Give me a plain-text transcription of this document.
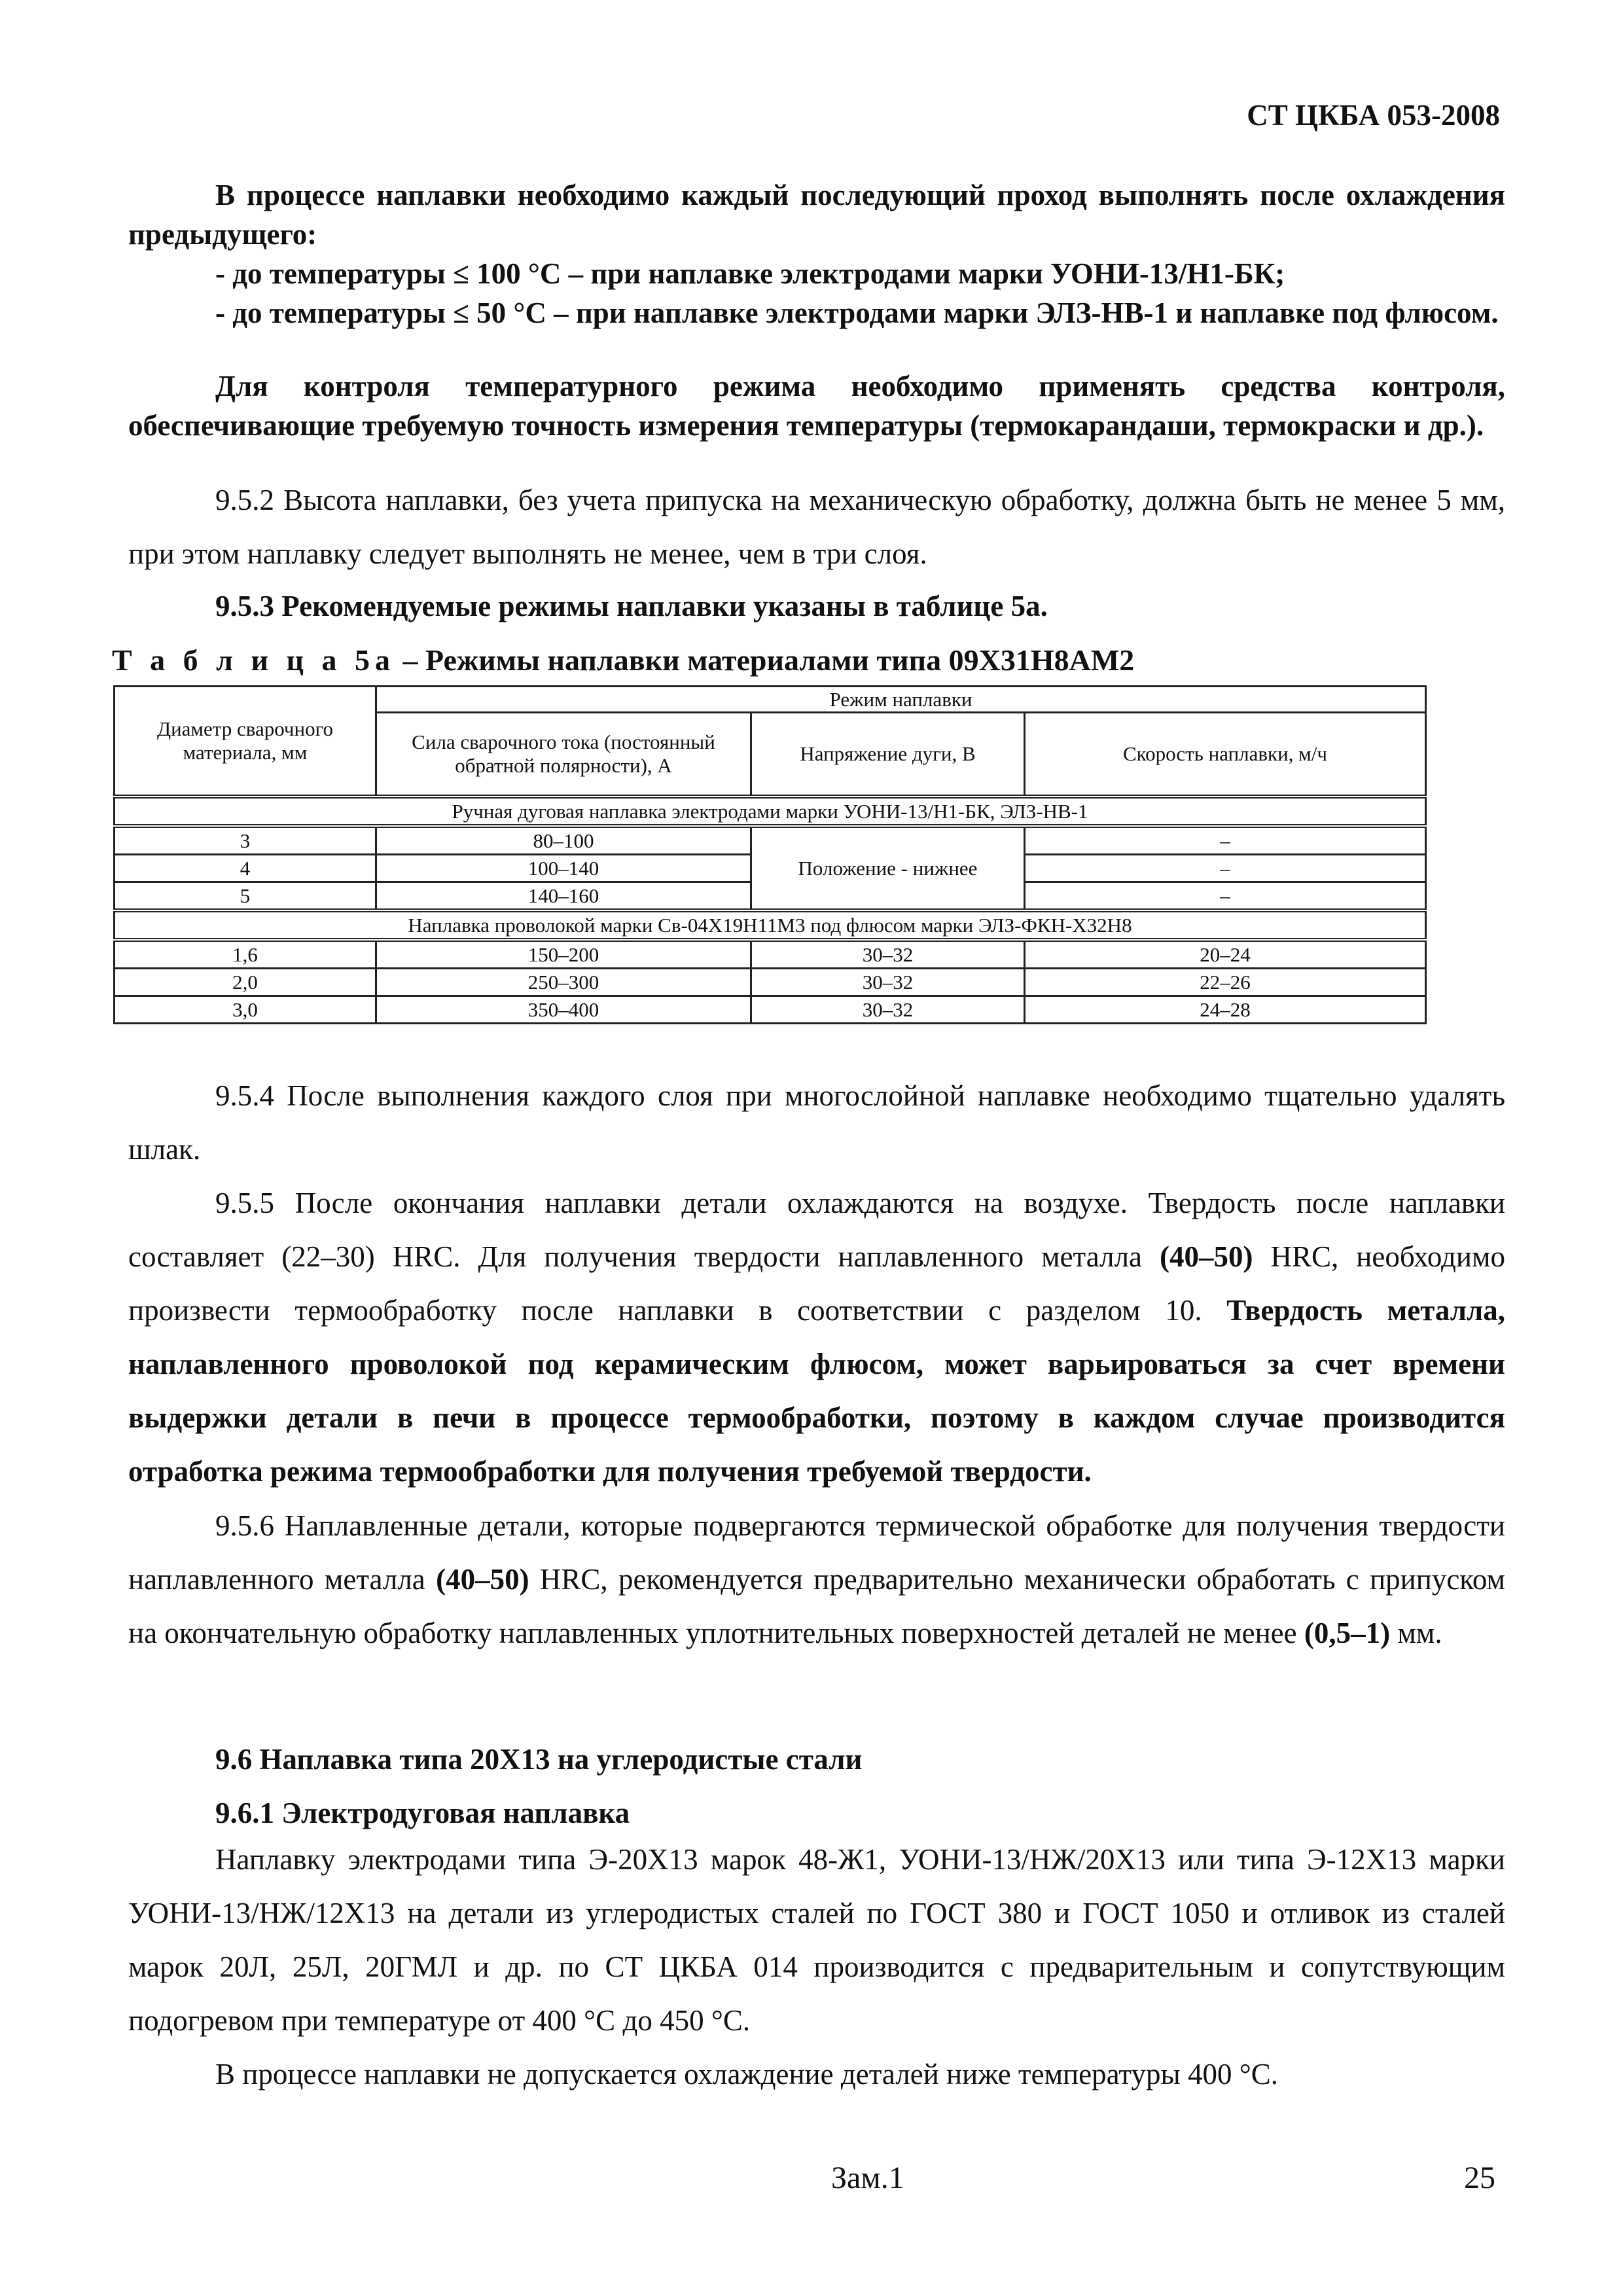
СТ ЦКБА 053-2008
В процессе наплавки необходимо каждый последующий проход выполнять после охлаждения предыдущего:
- до температуры ≤ 100 °С – при наплавке электродами марки УОНИ-13/Н1-БК;
- до температуры ≤ 50 °С – при наплавке электродами марки ЭЛЗ-НВ-1 и наплавке под флюсом.
Для контроля температурного режима необходимо применять средства контроля, обеспечивающие требуемую точность измерения температуры (термокарандаши, термокраски и др.).
9.5.2 Высота наплавки, без учета припуска на механическую обработку, должна быть не менее 5 мм, при этом наплавку следует выполнять не менее, чем в три слоя.
9.5.3 Рекомендуемые режимы наплавки указаны в таблице 5а.
Т а б л и ц а 5а – Режимы наплавки материалами типа 09Х31Н8АМ2
Диаметр сварочного материала, мм	Режим наплавки		
	Сила сварочного тока (постоянный обратной полярности), А	Напряжение дуги, В	Скорость наплавки, м/ч
Ручная дуговая наплавка электродами марки УОНИ-13/Н1-БК, ЭЛЗ-НВ-1			
3	80–100	Положение - нижнее	–
4	100–140		–
5	140–160		–
Наплавка проволокой марки Св-04Х19Н11М3 под флюсом марки ЭЛЗ-ФКН-Х32Н8			
1,6	150–200	30–32	20–24
2,0	250–300	30–32	22–26
3,0	350–400	30–32	24–28
9.5.4 После выполнения каждого слоя при многослойной наплавке необходимо тщательно удалять шлак.
9.5.5 После окончания наплавки детали охлаждаются на воздухе. Твердость после наплавки составляет (22–30) HRC. Для получения твердости наплавленного металла (40–50) HRC, необходимо произвести термообработку после наплавки в соответствии с разделом 10. Твердость металла, наплавленного проволокой под керамическим флюсом, может варьироваться за счет времени выдержки детали в печи в процессе термообработки, поэтому в каждом случае производится отработка режима термообработки для получения требуемой твердости.
9.5.6 Наплавленные детали, которые подвергаются термической обработке для получения твердости наплавленного металла (40–50) HRC, рекомендуется предварительно механически обработать с припуском на окончательную обработку наплавленных уплотнительных поверхностей деталей не менее (0,5–1) мм.
9.6 Наплавка типа 20Х13 на углеродистые стали
9.6.1 Электродуговая наплавка
Наплавку электродами типа Э-20Х13 марок 48-Ж1, УОНИ-13/НЖ/20Х13 или типа Э-12Х13 марки УОНИ-13/НЖ/12Х13 на детали из углеродистых сталей по ГОСТ 380 и ГОСТ 1050 и отливок из сталей марок 20Л, 25Л, 20ГМЛ и др. по СТ ЦКБА 014 производится с предварительным и сопутствующим подогревом при температуре от 400 °С до 450 °С.
В процессе наплавки не допускается охлаждение деталей ниже температуры 400 °С.
Зам.1	25
